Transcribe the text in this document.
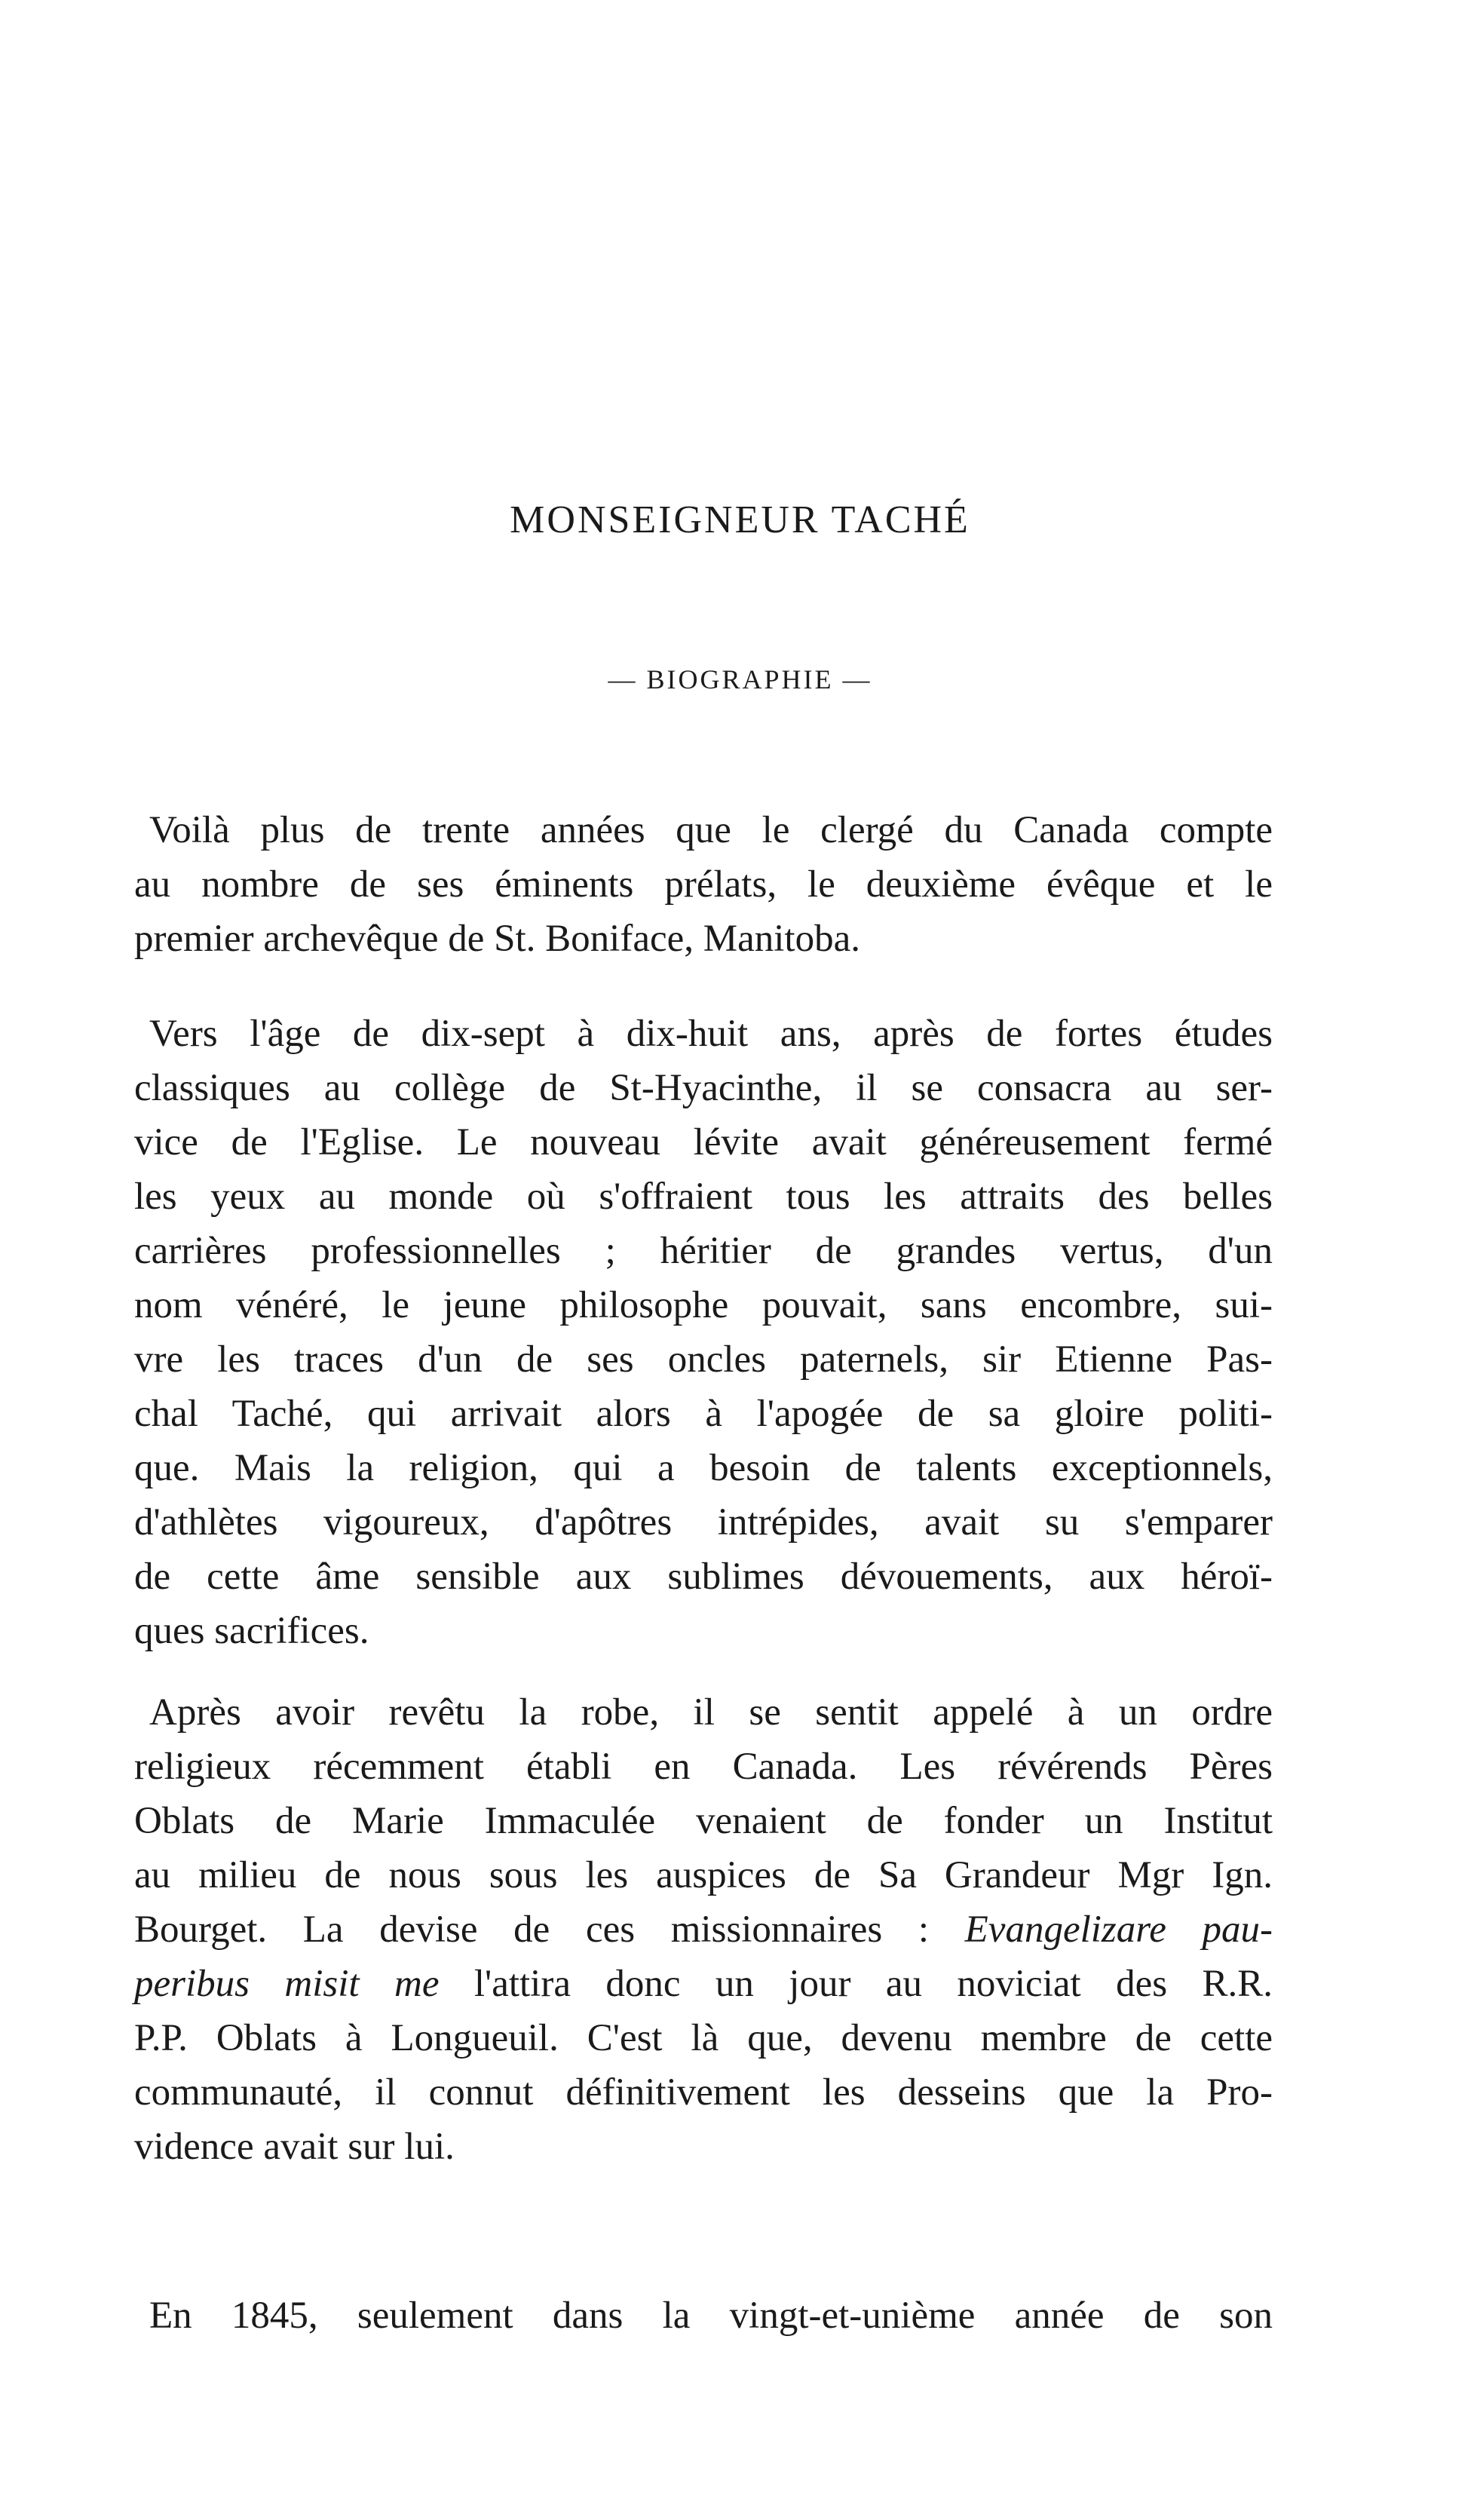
MONSEIGNEUR TACHÉ
— BIOGRAPHIE —
Voilà plus de trente années que le clergé du Canada compte
au nombre de ses éminents prélats, le deuxième évêque et le
premier archevêque de St. Boniface, Manitoba.
Vers l'âge de dix-sept à dix-huit ans, après de fortes études
classiques au collège de St-Hyacinthe, il se consacra au ser-
vice de l'Eglise. Le nouveau lévite avait généreusement fermé
les yeux au monde où s'offraient tous les attraits des belles
carrières professionnelles ; héritier de grandes vertus, d'un
nom vénéré, le jeune philosophe pouvait, sans encombre, sui-
vre les traces d'un de ses oncles paternels, sir Etienne Pas-
chal Taché, qui arrivait alors à l'apogée de sa gloire politi-
que. Mais la religion, qui a besoin de talents exceptionnels,
d'athlètes vigoureux, d'apôtres intrépides, avait su s'emparer
de cette âme sensible aux sublimes dévouements, aux héroï-
ques sacrifices.
Après avoir revêtu la robe, il se sentit appelé à un ordre
religieux récemment établi en Canada. Les révérends Pères
Oblats de Marie Immaculée venaient de fonder un Institut
au milieu de nous sous les auspices de Sa Grandeur Mgr Ign.
Bourget. La devise de ces missionnaires : Evangelizare pau-
peribus misit me l'attira donc un jour au noviciat des R.R.
P.P. Oblats à Longueuil. C'est là que, devenu membre de cette
communauté, il connut définitivement les desseins que la Pro-
vidence avait sur lui.
En 1845, seulement dans la vingt-et-unième année de son
